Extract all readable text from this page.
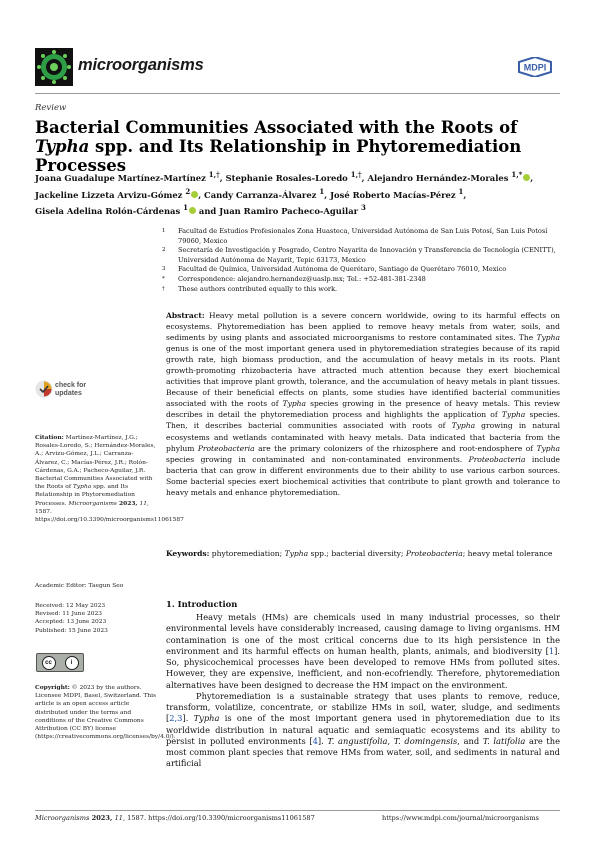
microorganisms	MDPI
Review
Bacterial Communities Associated with the Roots of Typha spp. and Its Relationship in Phytoremediation Processes
Joana Guadalupe Martínez-Martínez $^{1,\dagger}$, Stephanie Rosales-Loredo $^{1,\dagger}$, Alejandro Hernández-Morales $^{1,*}$ ,
Jackeline Lizzeta Arvizu-Gómez $^2$ , Candy Carranza-Álvarez $^1$, José Roberto Macías-Pérez $^1$,
Gisela Adelina Rolón-Cárdenas $^1$ and Juan Ramiro Pacheco-Aguilar $^3$
1	Facultad de Estudios Profesionales Zona Huasteca, Universidad Autónoma de San Luis Potosí, San Luis Potosí 79060, Mexico
2	Secretaría de Investigación y Posgrado, Centro Nayarita de Innovación y Transferencia de Tecnología (CENITT), Universidad Autónoma de Nayarit, Tepic 63173, Mexico
3	Facultad de Química, Universidad Autónoma de Querétaro, Santiago de Querétaro 76010, Mexico
*	Correspondence: alejandro.hernandez@uaslp.mx; Tel.: +52-481-381-2348
†	These authors contributed equally to this work.
Abstract: Heavy metal pollution is a severe concern worldwide, owing to its harmful effects on ecosystems. Phytoremediation has been applied to remove heavy metals from water, soils, and sediments by using plants and associated microorganisms to restore contaminated sites. The Typha genus is one of the most important genera used in phytoremediation strategies because of its rapid growth rate, high biomass production, and the accumulation of heavy metals in its roots. Plant growth-promoting rhizobacteria have attracted much attention because they exert biochemical activities that improve plant growth, tolerance, and the accumulation of heavy metals in plant tissues. Because of their beneficial effects on plants, some studies have identified bacterial communities associated with the roots of Typha species growing in the presence of heavy metals. This review describes in detail the phytoremediation process and highlights the application of Typha species. Then, it describes bacterial communities associated with roots of Typha growing in natural ecosystems and wetlands contaminated with heavy metals. Data indicated that bacteria from the phylum Proteobacteria are the primary colonizers of the rhizosphere and root-endosphere of Typha species growing in contaminated and non-contaminated environments. Proteobacteria include bacteria that can grow in different environments due to their ability to use various carbon sources. Some bacterial species exert biochemical activities that contribute to plant growth and tolerance to heavy metals and enhance phytoremediation.
Keywords: phytoremediation; Typha spp.; bacterial diversity; Proteobacteria; heavy metal tolerance
check for
updates
Citation: Martínez-Martínez, J.G.; Rosales-Loredo, S.; Hernández-Morales, A.; Arvizu-Gómez, J.L.; Carranza-Álvarez, C.; Macías-Pérez, J.R.; Rolón-Cárdenas, G.A.; Pacheco-Aguilar, J.R. Bacterial Communities Associated with the Roots of Typha spp. and Its Relationship in Phytoremediation Processes. Microorganisms 2023, 11, 1587. https://doi.org/10.3390/microorganisms11061587
Academic Editor: Taegun Seo
Received: 12 May 2023
Revised: 11 June 2023
Accepted: 13 June 2023
Published: 15 June 2023
cc	i
Copyright: © 2023 by the authors. Licensee MDPI, Basel, Switzerland. This article is an open access article distributed under the terms and conditions of the Creative Commons Attribution (CC BY) license (https://creativecommons.org/licenses/by/4.0/).
1. Introduction

Heavy metals (HMs) are chemicals used in many industrial processes, so their environmental levels have considerably increased, causing damage to living organisms. HM contamination is one of the most critical concerns due to its high persistence in the environment and its harmful effects on human health, plants, animals, and biodiversity [1]. So, physicochemical processes have been developed to remove HMs from polluted sites. However, they are expensive, inefficient, and non-ecofriendly. Therefore, phytoremediation alternatives have been designed to decrease the HM impact on the environment.

Phytoremediation is a sustainable strategy that uses plants to remove, reduce, transform, volatilize, concentrate, or stabilize HMs in soil, water, sludge, and sediments [2,3]. Typha is one of the most important genera used in phytoremediation due to its worldwide distribution in natural aquatic and semiaquatic ecosystems and its ability to persist in polluted environments [4]. T. angustifolia, T. domingensis, and T. latifolia are the most common plant species that remove HMs from water, soil, and sediments in natural and artificial

Microorganisms 2023, 11, 1587. https://doi.org/10.3390/microorganisms11061587	https://www.mdpi.com/journal/microorganisms
